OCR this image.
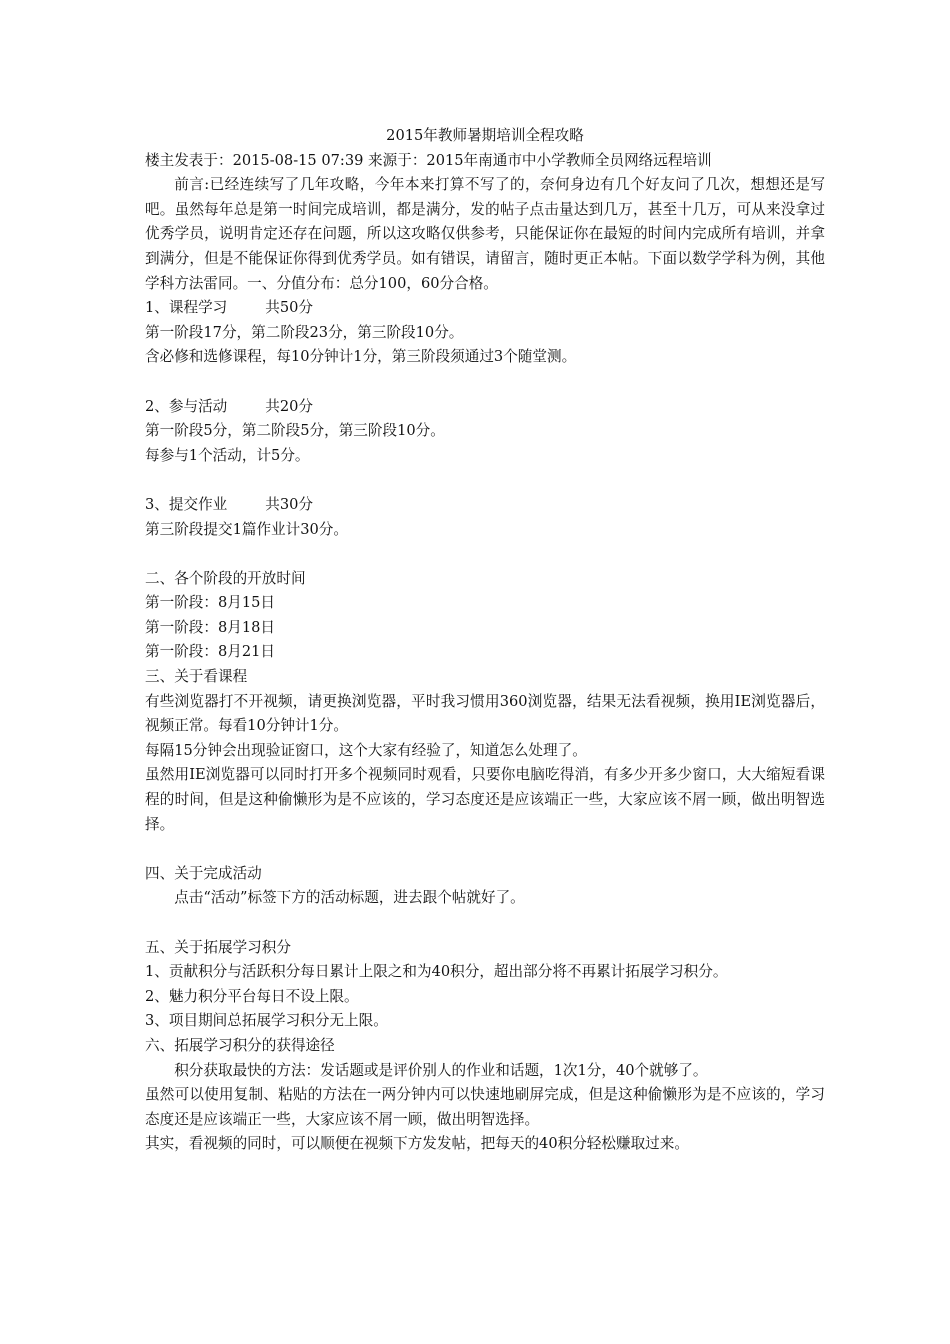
2015年教师暑期培训全程攻略

楼主发表于：2015-08-15 07:39 来源于：2015年南通市中小学教师全员网络远程培训

前言:已经连续写了几年攻略，今年本来打算不写了的，奈何身边有几个好友问了几次，想想还是写吧。虽然每年总是第一时间完成培训，都是满分，发的帖子点击量达到几万，甚至十几万，可从来没拿过优秀学员，说明肯定还存在问题，所以这攻略仅供参考，只能保证你在最短的时间内完成所有培训，并拿到满分，但是不能保证你得到优秀学员。如有错误，请留言，随时更正本帖。下面以数学学科为例，其他学科方法雷同。一、分值分布：总分100，60分合格。

1、课程学习	共50分

第一阶段17分，第二阶段23分，第三阶段10分。

含必修和选修课程，每10分钟计1分，第三阶段须通过3个随堂测。

2、参与活动	共20分

第一阶段5分，第二阶段5分，第三阶段10分。

每参与1个活动，计5分。

3、提交作业	共30分

第三阶段提交1篇作业计30分。

二、各个阶段的开放时间

第一阶段：8月15日

第一阶段：8月18日

第一阶段：8月21日

三、关于看课程

有些浏览器打不开视频，请更换浏览器，平时我习惯用360浏览器，结果无法看视频，换用IE浏览器后，视频正常。每看10分钟计1分。

每隔15分钟会出现验证窗口，这个大家有经验了，知道怎么处理了。

虽然用IE浏览器可以同时打开多个视频同时观看，只要你电脑吃得消，有多少开多少窗口，大大缩短看课程的时间，但是这种偷懒形为是不应该的，学习态度还是应该端正一些，大家应该不屑一顾，做出明智选择。

四、关于完成活动

点击“活动”标签下方的活动标题，进去跟个帖就好了。

五、关于拓展学习积分

1、贡献积分与活跃积分每日累计上限之和为40积分，超出部分将不再累计拓展学习积分。

2、魅力积分平台每日不设上限。

3、项目期间总拓展学习积分无上限。

六、拓展学习积分的获得途径

积分获取最快的方法：发话题或是评价别人的作业和话题，1次1分，40个就够了。

虽然可以使用复制、粘贴的方法在一两分钟内可以快速地刷屏完成，但是这种偷懒形为是不应该的，学习态度还是应该端正一些，大家应该不屑一顾，做出明智选择。

其实，看视频的同时，可以顺便在视频下方发发帖，把每天的40积分轻松赚取过来。
